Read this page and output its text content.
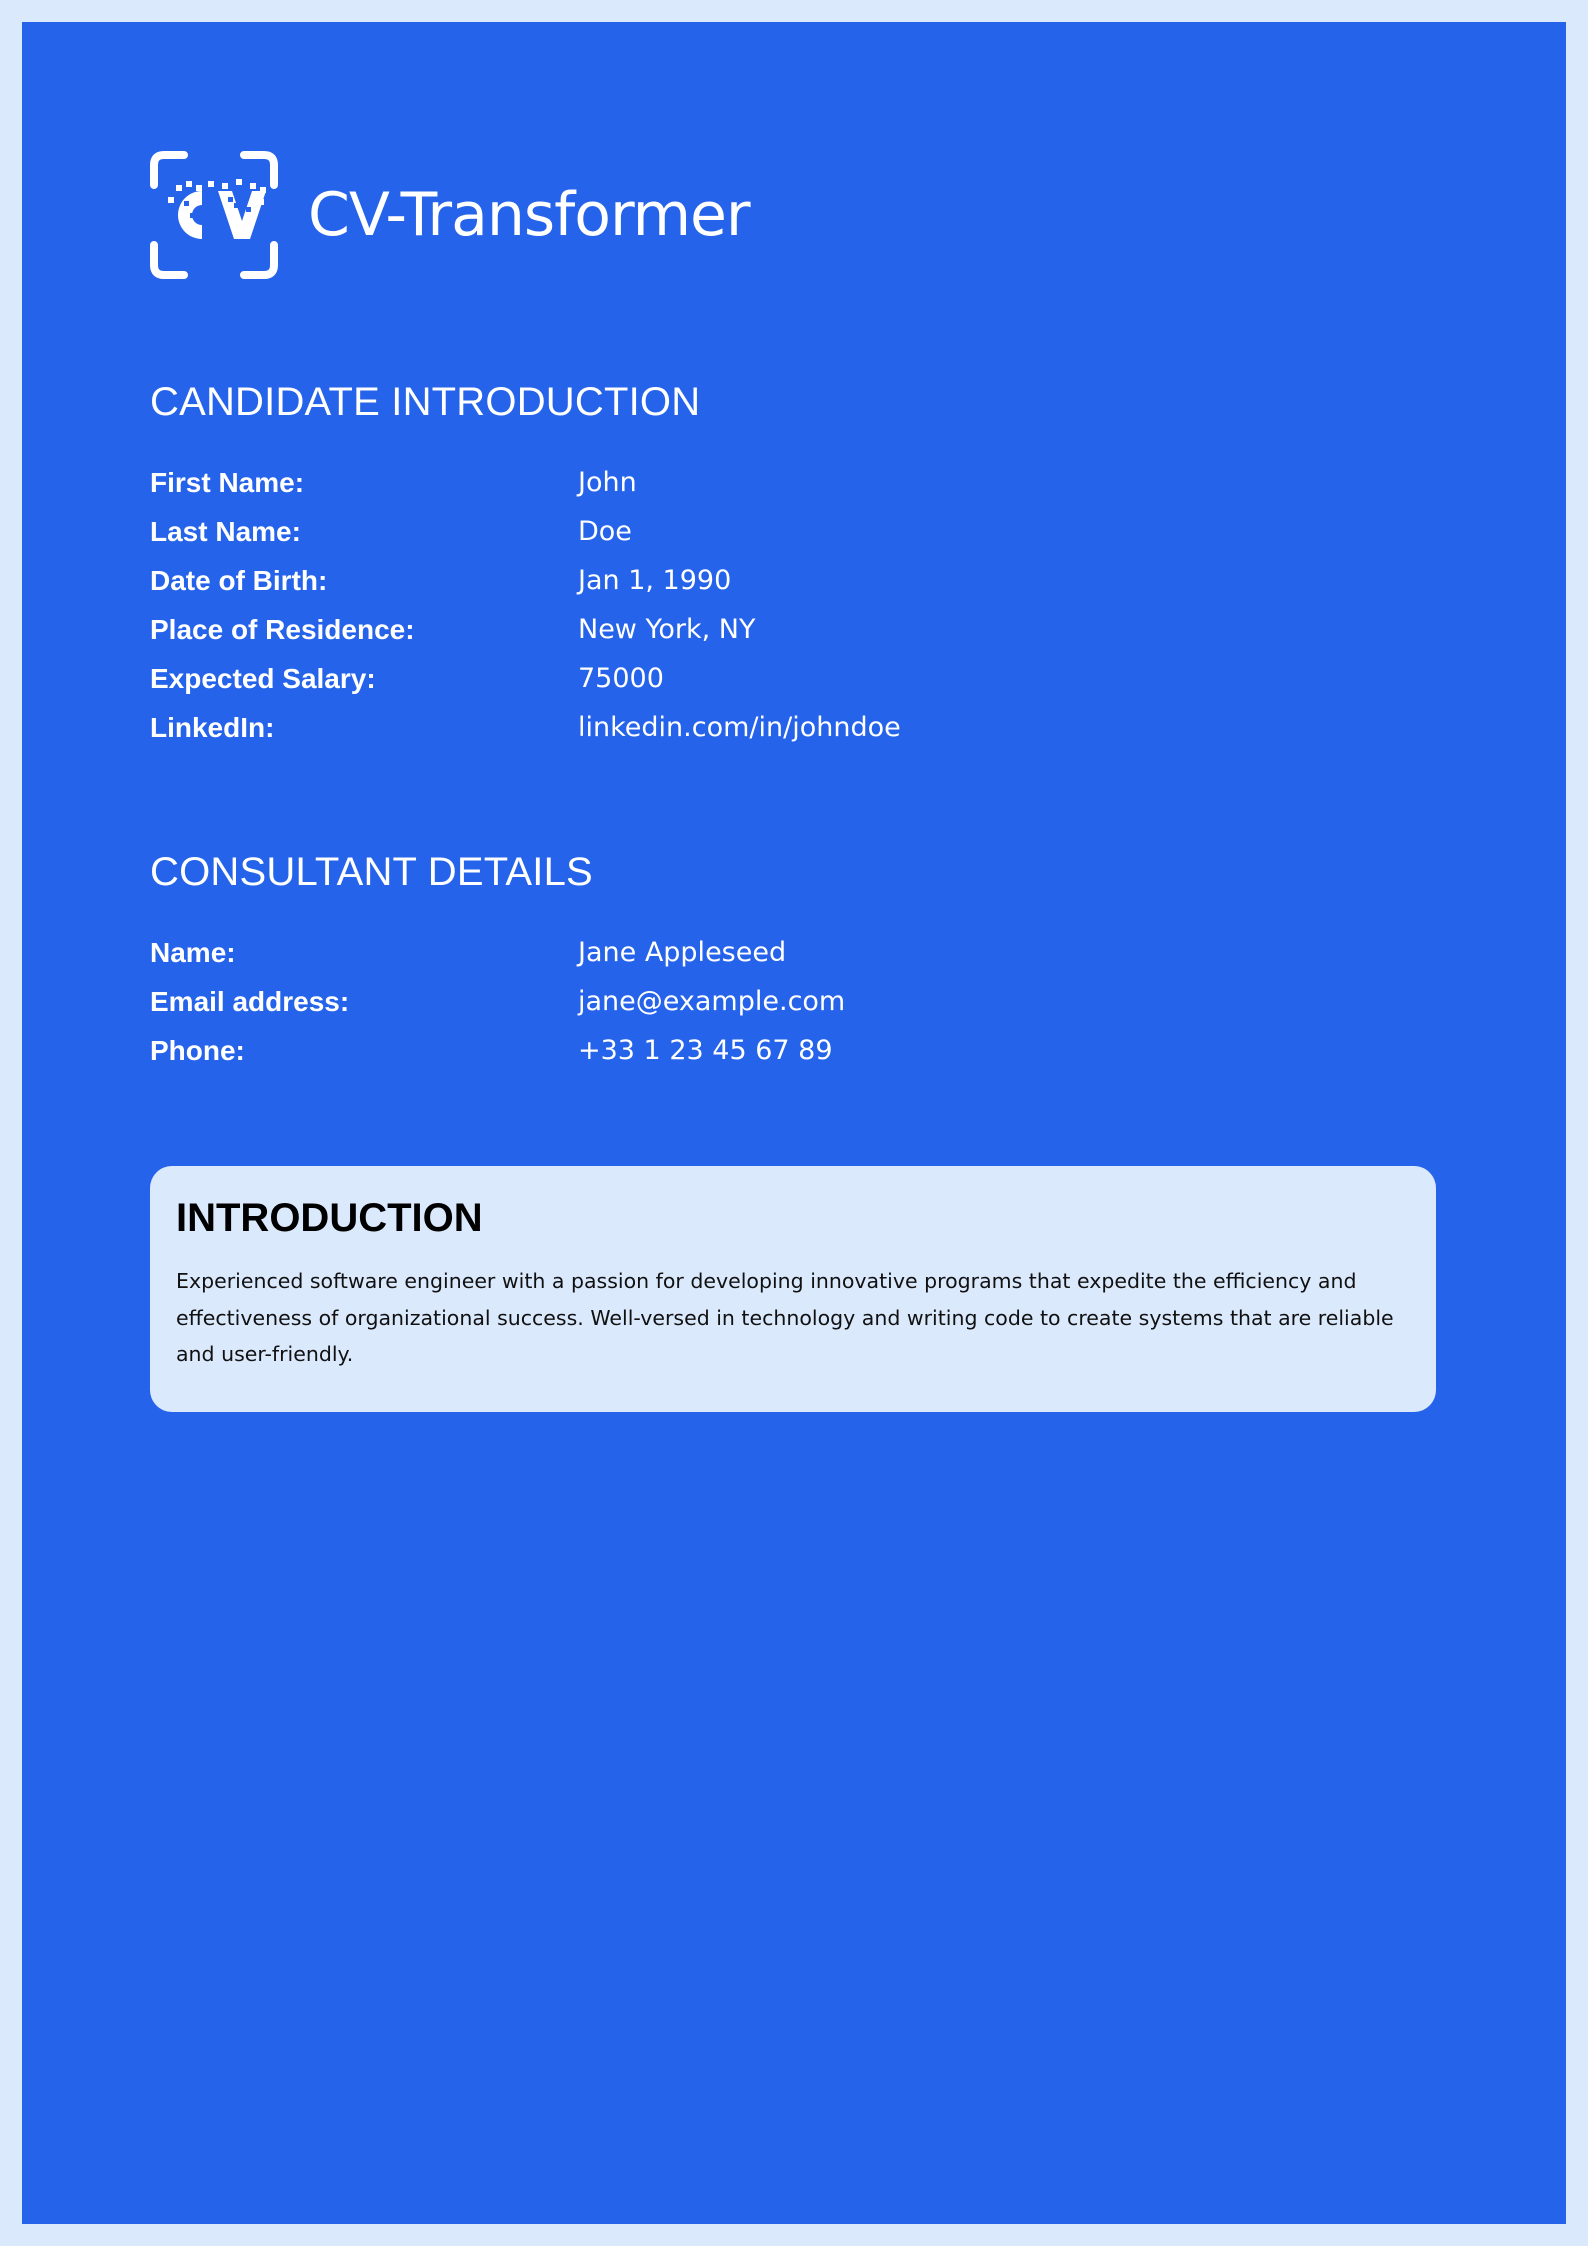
CV-Transformer
CANDIDATE INTRODUCTION
First Name:	John
Last Name:	Doe
Date of Birth:	Jan 1, 1990
Place of Residence:	New York, NY
Expected Salary:	75000
LinkedIn:	linkedin.com/in/johndoe
CONSULTANT DETAILS
Name:	Jane Appleseed
Email address:	jane@example.com
Phone:	+33 1 23 45 67 89
INTRODUCTION

Experienced software engineer with a passion for developing innovative programs that expedite the efficiency and effectiveness of organizational success. Well-versed in technology and writing code to create systems that are reliable and user-friendly.
